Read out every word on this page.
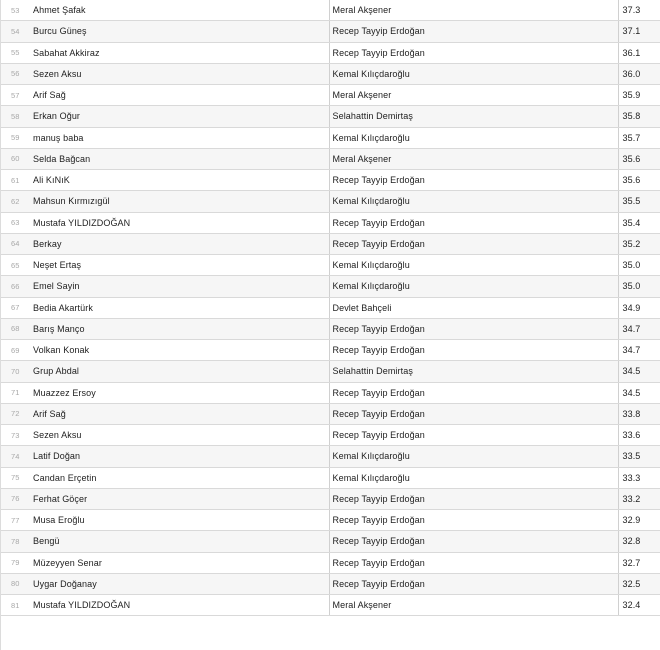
53	Ahmet Şafak	Meral Akşener	37.3
54	Burcu Güneş	Recep Tayyip Erdoğan	37.1
55	Sabahat Akkiraz	Recep Tayyip Erdoğan	36.1
56	Sezen Aksu	Kemal Kılıçdaroğlu	36.0
57	Arif Sağ	Meral Akşener	35.9
58	Erkan Oğur	Selahattin Demirtaş	35.8
59	manuş baba	Kemal Kılıçdaroğlu	35.7
60	Selda Bağcan	Meral Akşener	35.6
61	Ali KıNıK	Recep Tayyip Erdoğan	35.6
62	Mahsun Kırmızıgül	Kemal Kılıçdaroğlu	35.5
63	Mustafa YILDIZDOĞAN	Recep Tayyip Erdoğan	35.4
64	Berkay	Recep Tayyip Erdoğan	35.2
65	Neşet Ertaş	Kemal Kılıçdaroğlu	35.0
66	Emel Sayin	Kemal Kılıçdaroğlu	35.0
67	Bedia Akartürk	Devlet Bahçeli	34.9
68	Barış Manço	Recep Tayyip Erdoğan	34.7
69	Volkan Konak	Recep Tayyip Erdoğan	34.7
70	Grup Abdal	Selahattin Demirtaş	34.5
71	Muazzez Ersoy	Recep Tayyip Erdoğan	34.5
72	Arif Sağ	Recep Tayyip Erdoğan	33.8
73	Sezen Aksu	Recep Tayyip Erdoğan	33.6
74	Latif Doğan	Kemal Kılıçdaroğlu	33.5
75	Candan Erçetin	Kemal Kılıçdaroğlu	33.3
76	Ferhat Göçer	Recep Tayyip Erdoğan	33.2
77	Musa Eroğlu	Recep Tayyip Erdoğan	32.9
78	Bengü	Recep Tayyip Erdoğan	32.8
79	Müzeyyen Senar	Recep Tayyip Erdoğan	32.7
80	Uygar Doğanay	Recep Tayyip Erdoğan	32.5
81	Mustafa YILDIZDOĞAN	Meral Akşener	32.4
